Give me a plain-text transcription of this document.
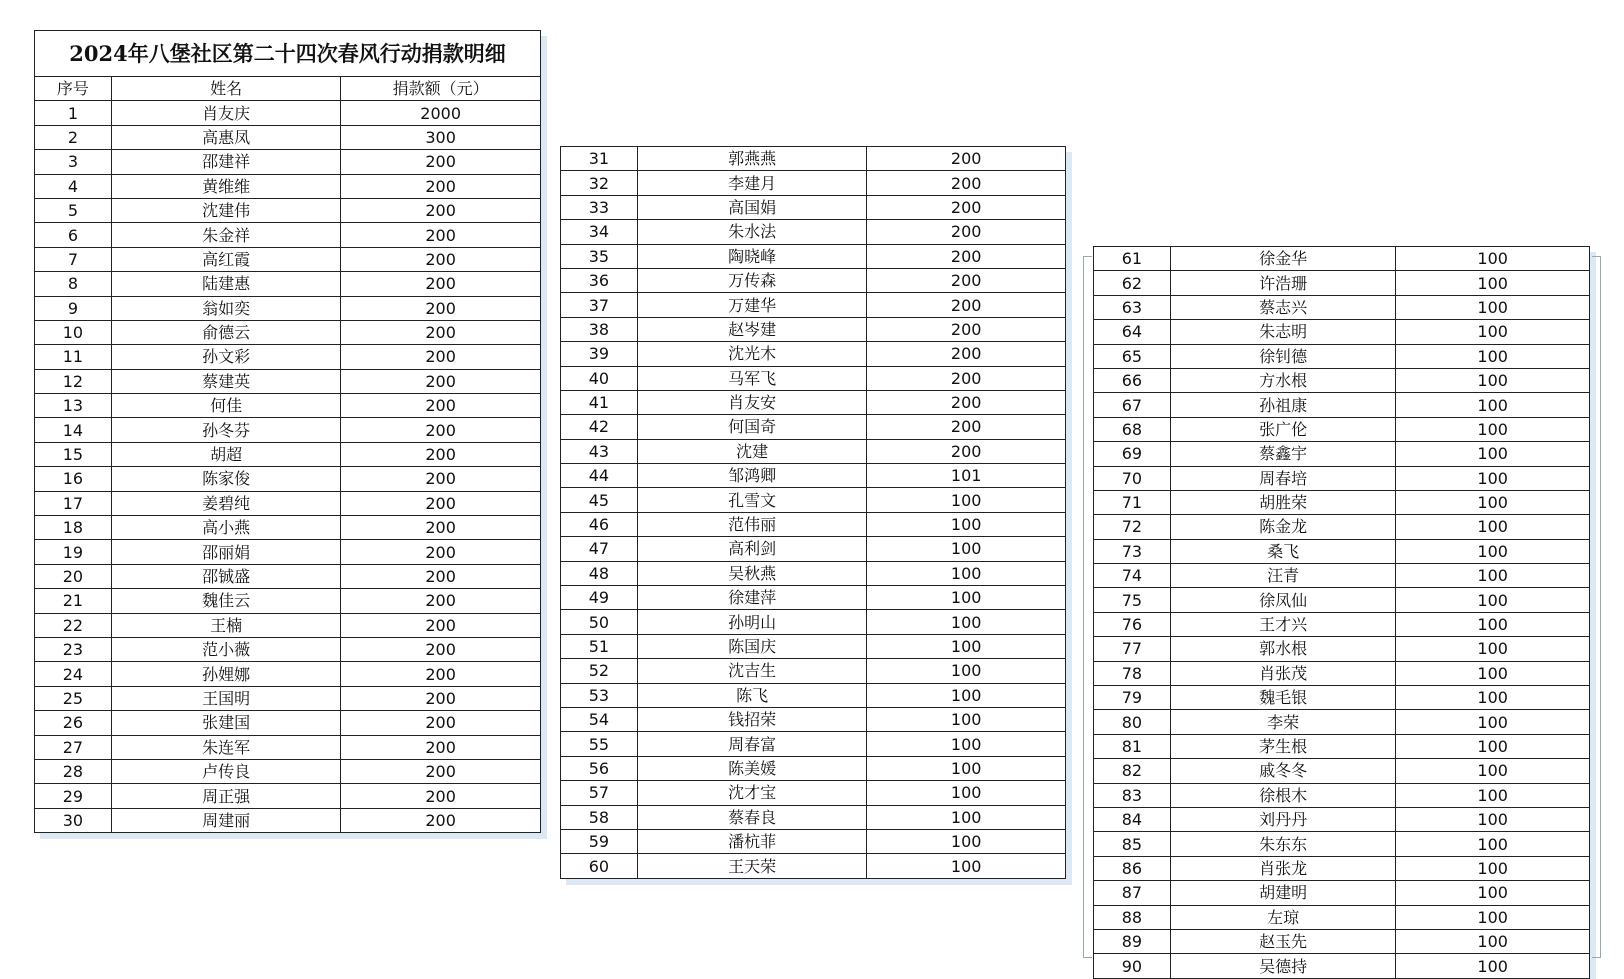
2024年八堡社区第二十四次春风行动捐款明细
序号	姓名	捐款额（元）
1	肖友庆	2000
2	高惠凤	300
3	邵建祥	200
4	黄维维	200
5	沈建伟	200
6	朱金祥	200
7	高红霞	200
8	陆建惠	200
9	翁如奕	200
10	俞德云	200
11	孙文彩	200
12	蔡建英	200
13	何佳	200
14	孙冬芬	200
15	胡超	200
16	陈家俊	200
17	姜碧纯	200
18	高小燕	200
19	邵丽娟	200
20	邵铖盛	200
21	魏佳云	200
22	王楠	200
23	范小薇	200
24	孙娌娜	200
25	王国明	200
26	张建国	200
27	朱连军	200
28	卢传良	200
29	周正强	200
30	周建丽	200
31	郭燕燕	200
32	李建月	200
33	高国娟	200
34	朱水法	200
35	陶晓峰	200
36	万传森	200
37	万建华	200
38	赵岑建	200
39	沈光木	200
40	马军飞	200
41	肖友安	200
42	何国奇	200
43	沈建	200
44	邹鸿卿	101
45	孔雪文	100
46	范伟丽	100
47	高利剑	100
48	吴秋燕	100
49	徐建萍	100
50	孙明山	100
51	陈国庆	100
52	沈吉生	100
53	陈飞	100
54	钱招荣	100
55	周春富	100
56	陈美媛	100
57	沈才宝	100
58	蔡春良	100
59	潘杭菲	100
60	王天荣	100
61	徐金华	100
62	许浩珊	100
63	蔡志兴	100
64	朱志明	100
65	徐钊德	100
66	方水根	100
67	孙祖康	100
68	张广伦	100
69	蔡鑫宇	100
70	周春培	100
71	胡胜荣	100
72	陈金龙	100
73	桑飞	100
74	汪青	100
75	徐凤仙	100
76	王才兴	100
77	郭水根	100
78	肖张茂	100
79	魏毛银	100
80	李荣	100
81	茅生根	100
82	戚冬冬	100
83	徐根木	100
84	刘丹丹	100
85	朱东东	100
86	肖张龙	100
87	胡建明	100
88	左琼	100
89	赵玉先	100
90	吴德持	100
